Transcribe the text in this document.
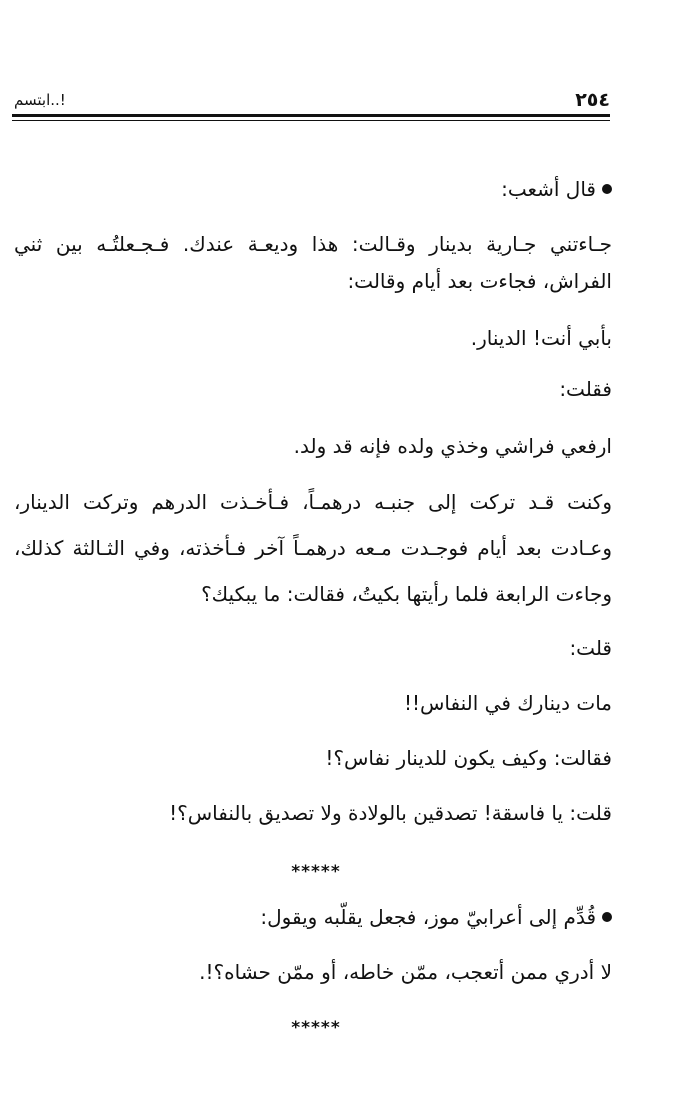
٢٥٤
ابتسم..!
قال أشعب:
جـاءتني جـارية بدينار وقـالت: هذا وديعـة عندك. فـجـعلتُـه بين ثني
الفراش، فجاءت بعد أيام وقالت:
بأبي أنت! الدينار.
فقلت:
ارفعي فراشي وخذي ولده فإنه قد ولد.
وكنت قـد تركت إلى جنبـه درهمـاً، فـأخـذت الدرهم وتركت الدينار،
وعـادت بعد أيام فوجـدت مـعه درهمـاً آخر فـأخذته، وفي الثـالثة كذلك،
وجاءت الرابعة فلما رأيتها بكيتُ، فقالت: ما يبكيك؟
قلت:
مات دينارك في النفاس!!
فقالت: وكيف يكون للدينار نفاس؟!
قلت: يا فاسقة! تصدقين بالولادة ولا تصديق بالنفاس؟!
قُدِّم إلى أعرابيّ موز، فجعل يقلّبه ويقول:
لا أدري ممن أتعجب، ممّن خاطه، أو ممّن حشاه؟!.
*****
*****
